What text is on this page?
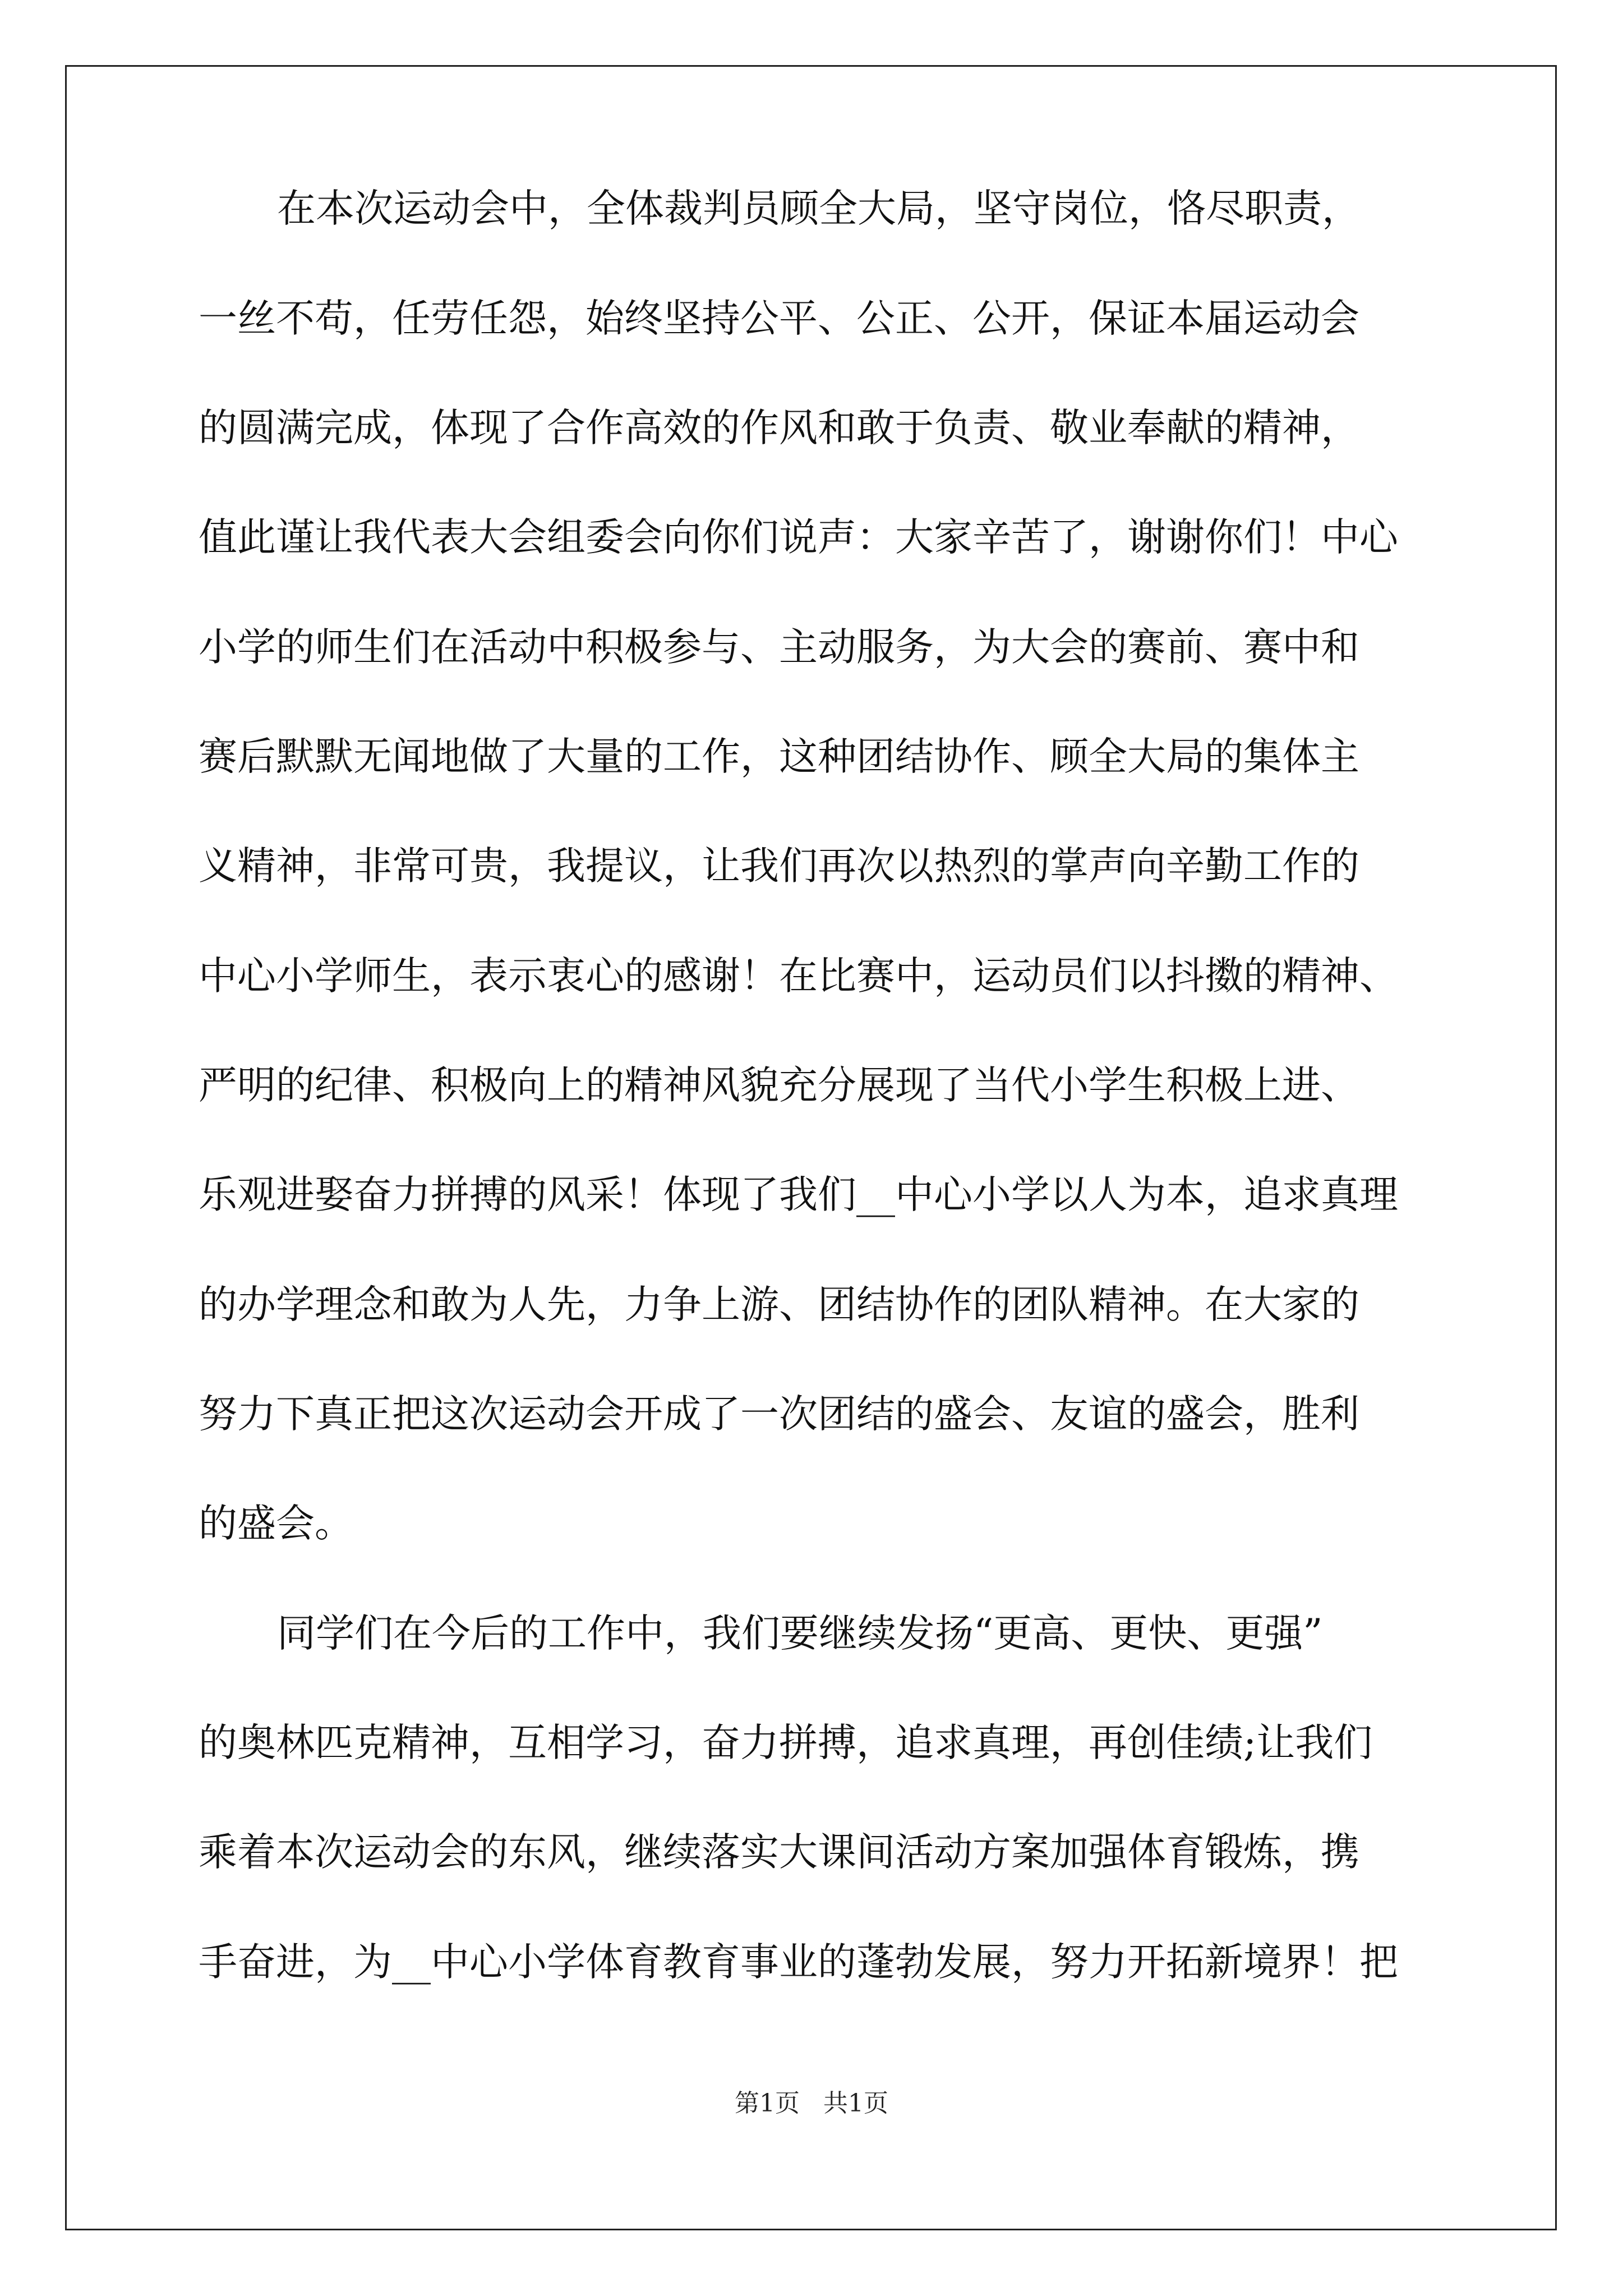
在本次运动会中，全体裁判员顾全大局，坚守岗位，恪尽职责，
一丝不苟，任劳任怨，始终坚持公平、公正、公开，保证本届运动会
的圆满完成，体现了合作高效的作风和敢于负责、敬业奉献的精神，
值此谨让我代表大会组委会向你们说声：大家辛苦了，谢谢你们！中心
小学的师生们在活动中积极参与、主动服务，为大会的赛前、赛中和
赛后默默无闻地做了大量的工作，这种团结协作、顾全大局的集体主
义精神，非常可贵，我提议，让我们再次以热烈的掌声向辛勤工作的
中心小学师生，表示衷心的感谢！在比赛中，运动员们以抖擞的精神、
严明的纪律、积极向上的精神风貌充分展现了当代小学生积极上进、
乐观进娶奋力拼搏的风采！体现了我们__中心小学以人为本，追求真理
的办学理念和敢为人先，力争上游、团结协作的团队精神。在大家的
努力下真正把这次运动会开成了一次团结的盛会、友谊的盛会，胜利
的盛会。
同学们在今后的工作中，我们要继续发扬“更高、更快、更强”
的奥林匹克精神，互相学习，奋力拼搏，追求真理，再创佳绩;让我们
乘着本次运动会的东风，继续落实大课间活动方案加强体育锻炼，携
手奋进，为__中心小学体育教育事业的蓬勃发展，努力开拓新境界！把
第1页 共1页
